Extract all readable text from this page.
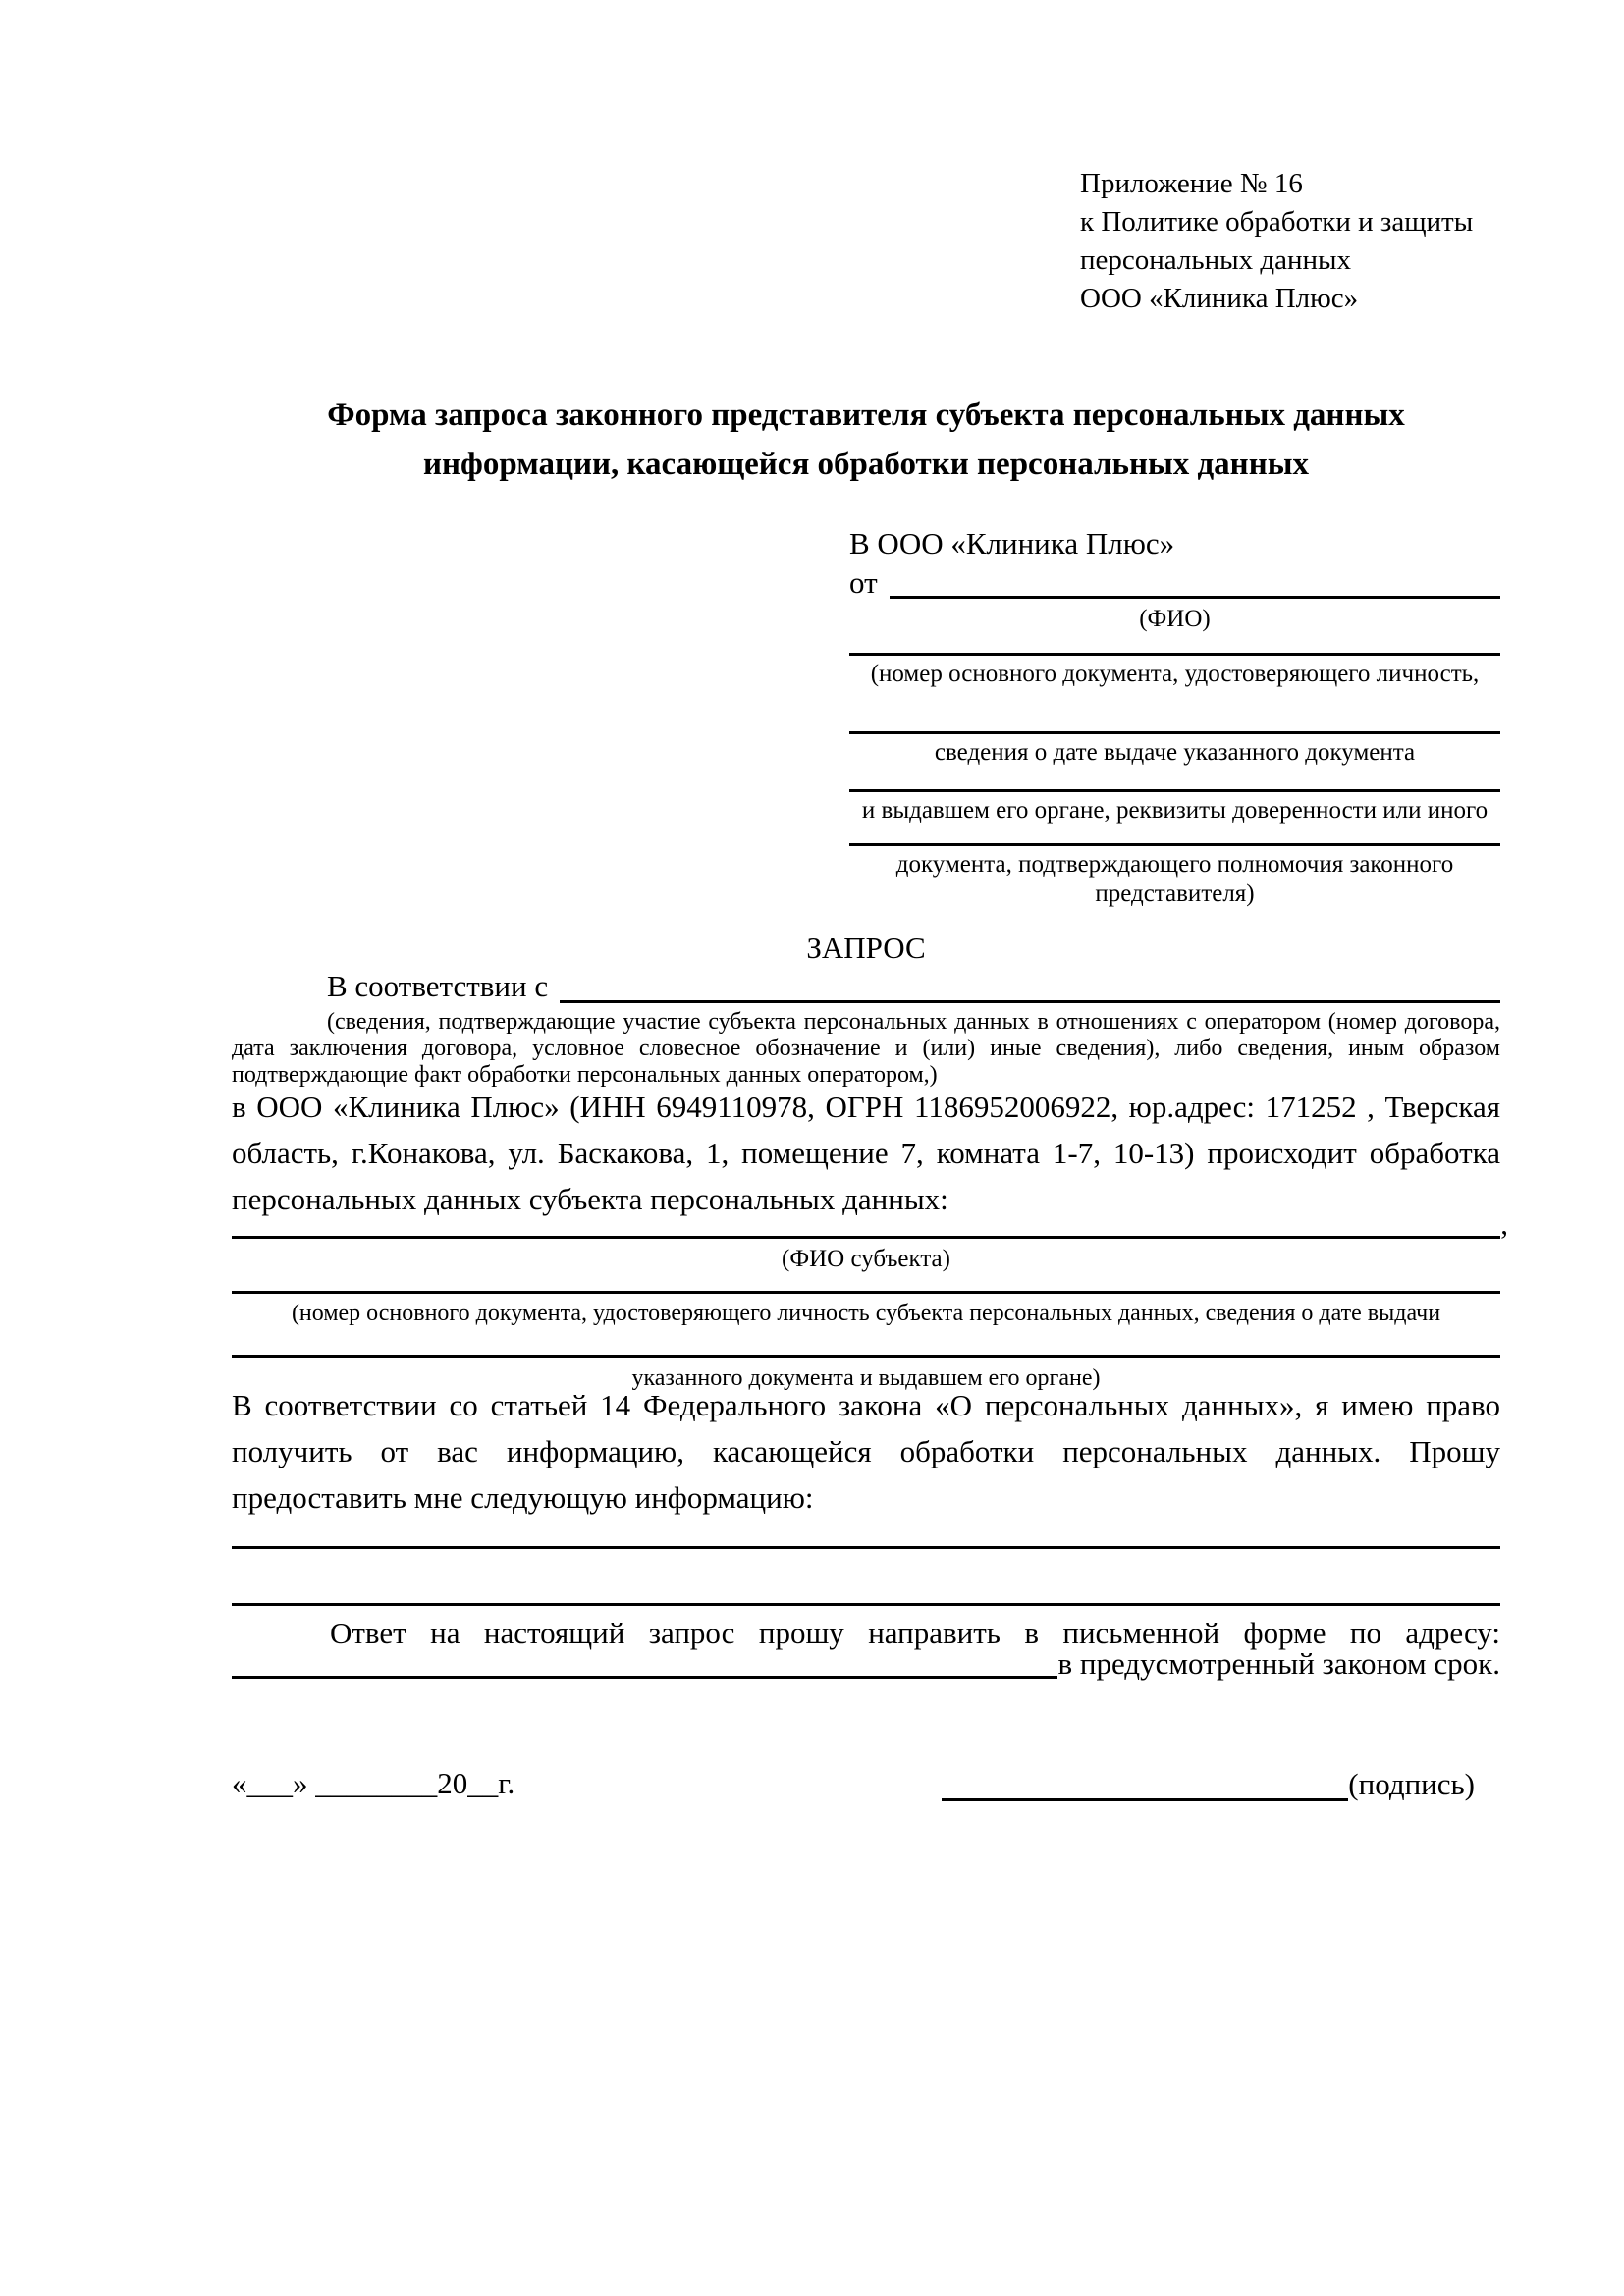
Приложение № 16
к Политике обработки и защиты
персональных данных
ООО «Клиника Плюс»
Форма запроса законного представителя субъекта персональных данных
информации, касающейся обработки персональных данных
В ООО «Клиника Плюс»
от
(ФИО)
(номер основного документа, удостоверяющего личность,
сведения о дате выдаче указанного документа
и выдавшем его органе, реквизиты доверенности или иного
документа, подтверждающего полномочия законного представителя)
ЗАПРОС
В соответствии с
(сведения, подтверждающие участие субъекта персональных данных в отношениях с оператором (номер договора, дата заключения договора, условное словесное обозначение и (или) иные сведения), либо сведения, иным образом подтверждающие факт обработки персональных данных оператором,)
в ООО «Клиника Плюс» (ИНН 6949110978, ОГРН 1186952006922, юр.адрес: 171252 , Тверская область, г.Конакова, ул. Баскакова, 1, помещение 7, комната 1-7, 10-13) происходит обработка персональных данных субъекта персональных данных:
,
(ФИО субъекта)
(номер основного документа, удостоверяющего личность субъекта персональных данных, сведения о дате выдачи
указанного документа и выдавшем его органе)
В соответствии со статьей 14 Федерального закона «О персональных данных», я имею право получить от вас информацию, касающейся обработки персональных данных. Прошу предоставить мне следующую информацию:
Ответ на настоящий запрос прошу направить в письменной форме по адресу:
в предусмотренный законом срок.
«___» ________20__г.	(подпись)
